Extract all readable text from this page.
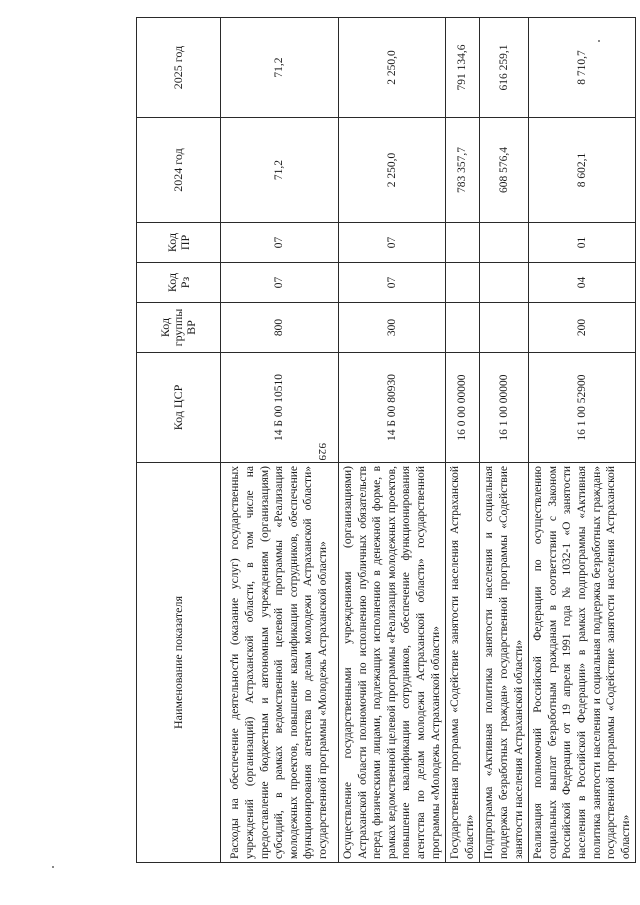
929
Наименование показателя	Код ЦСР	Код группы ВР	Код Рз	Код ПР	2024 год	2025 год
Расходы на обеспечение деятельности (оказание услуг) государственных учреждений (организаций) Астраханской области, в том числе на предоставление бюджетным и автономным учреждениям (организациям) субсидий, в рамках ведомственной целевой программы «Реализация молодежных проектов, повышение квалификации сотрудников, обеспечение функционирования агентства по делам молодежи Астраханской области» государственной программы «Молодежь Астраханской области»	14 Б 00 10510	800	07	07	71,2	71,2
Осуществление государственными учреждениями (организациями) Астраханской области полномочий по исполнению публичных обязательств перед физическими лицами, подлежащих исполнению в денежной форме, в рамках ведомственной целевой программы «Реализация молодежных проектов, повышение квалификации сотрудников, обеспечение функционирования агентства по делам молодежи Астраханской области» государственной программы «Молодежь Астраханской области»	14 Б 00 80930	300	07	07	2 250,0	2 250,0
Государственная программа «Содействие занятости населения Астраханской области»	16 0 00 00000				783 357,7	791 134,6
Подпрограмма «Активная политика занятости населения и социальная поддержка безработных граждан» государственной программы «Содействие занятости населения Астраханской области»	16 1 00 00000				608 576,4	616 259,1
Реализация полномочий Российской Федерации по осуществлению социальных выплат безработным гражданам в соответствии с Законом Российской Федерации от 19 апреля 1991 года № 1032-1 «О занятости населения в Российской Федерации» в рамках подпрограммы «Активная политика занятости населения и социальная поддержка безработных граждан» государственной программы «Содействие занятости населения Астраханской области»	16 1 00 52900	200	04	01	8 602,1	8 710,7
